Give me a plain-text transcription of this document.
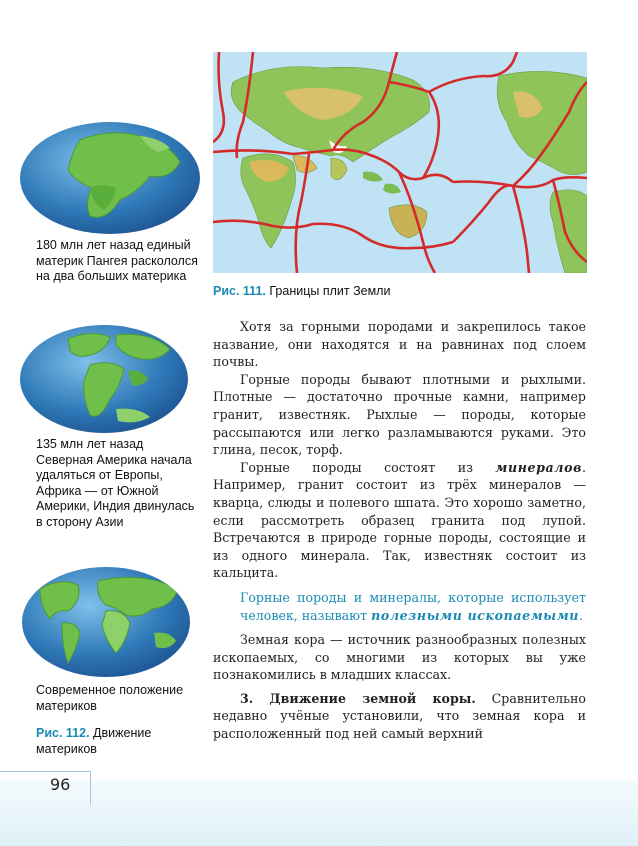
96
180 млн лет назад единый материк Пангея раскололся на два больших материка
135 млн лет назад Северная Америка начала удаляться от Европы, Африка — от Южной Америки, Индия двинулась в сторону Азии
Современное положение материков
Рис. 112. Движение материков
Рис. 111. Границы плит Земли

Хотя за горными породами и закрепилось такое название, они находятся и на равнинах под слоем почвы.

Горные породы бывают плотными и рыхлыми. Плотные — достаточно прочные камни, например гранит, известняк. Рыхлые — породы, которые рассыпаются или легко разламываются руками. Это глина, песок, торф.

Горные породы состоят из минералов. Например, гранит состоит из трёх минералов — кварца, слюды и полевого шпата. Это хорошо заметно, если рассмотреть образец гранита под лупой. Встречаются в природе горные породы, состоящие и из одного минерала. Так, известняк состоит из кальцита.

Горные породы и минералы, которые использует человек, называют полезными ископаемыми.

Земная кора — источник разнообразных полезных ископаемых, со многими из которых вы уже познакомились в младших классах.

3. Движение земной коры. Сравнительно недавно учёные установили, что земная кора и расположенный под ней самый верхний
